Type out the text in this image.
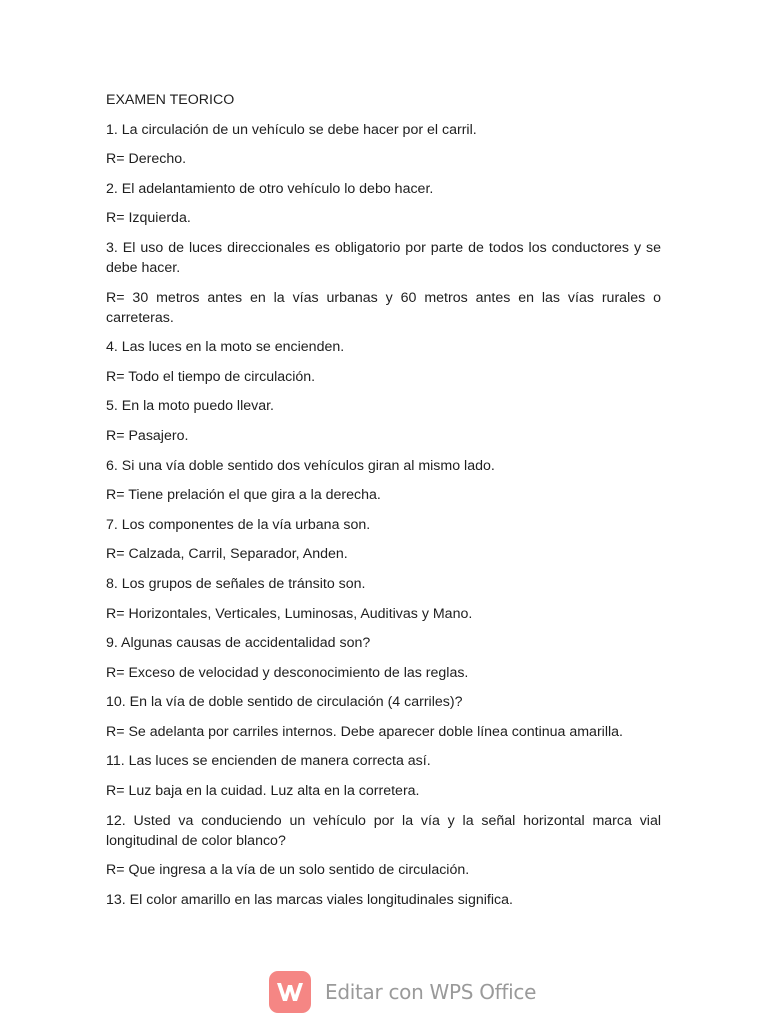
EXAMEN TEORICO
1. La circulación de un vehículo se debe hacer por el carril.
R= Derecho.
2. El adelantamiento de otro vehículo lo debo hacer.
R= Izquierda.
3. El uso de luces direccionales es obligatorio por parte de todos los conductores y se debe hacer.
R= 30 metros antes en la vías urbanas y 60 metros antes en las vías rurales o carreteras.
4. Las luces en la moto se encienden.
R= Todo el tiempo de circulación.
5. En la moto puedo llevar.
R= Pasajero.
6. Si una vía doble sentido dos vehículos giran al mismo lado.
R= Tiene prelación el que gira a la derecha.
7. Los componentes de la vía urbana son.
R= Calzada, Carril, Separador, Anden.
8. Los grupos de señales de tránsito son.
R= Horizontales, Verticales, Luminosas, Auditivas y Mano.
9. Algunas causas de accidentalidad son?
R= Exceso de velocidad y desconocimiento de las reglas.
10. En la vía de doble sentido de circulación (4 carriles)?
R= Se adelanta por carriles internos. Debe aparecer doble línea continua amarilla.
11. Las luces se encienden de manera correcta así.
R= Luz baja en la cuidad. Luz alta en la corretera.
12. Usted va conduciendo un vehículo por la vía y la señal horizontal marca vial longitudinal de color blanco?
R= Que ingresa a la vía de un solo sentido de circulación.
13. El color amarillo en las marcas viales longitudinales significa.
Editar con WPS Office
